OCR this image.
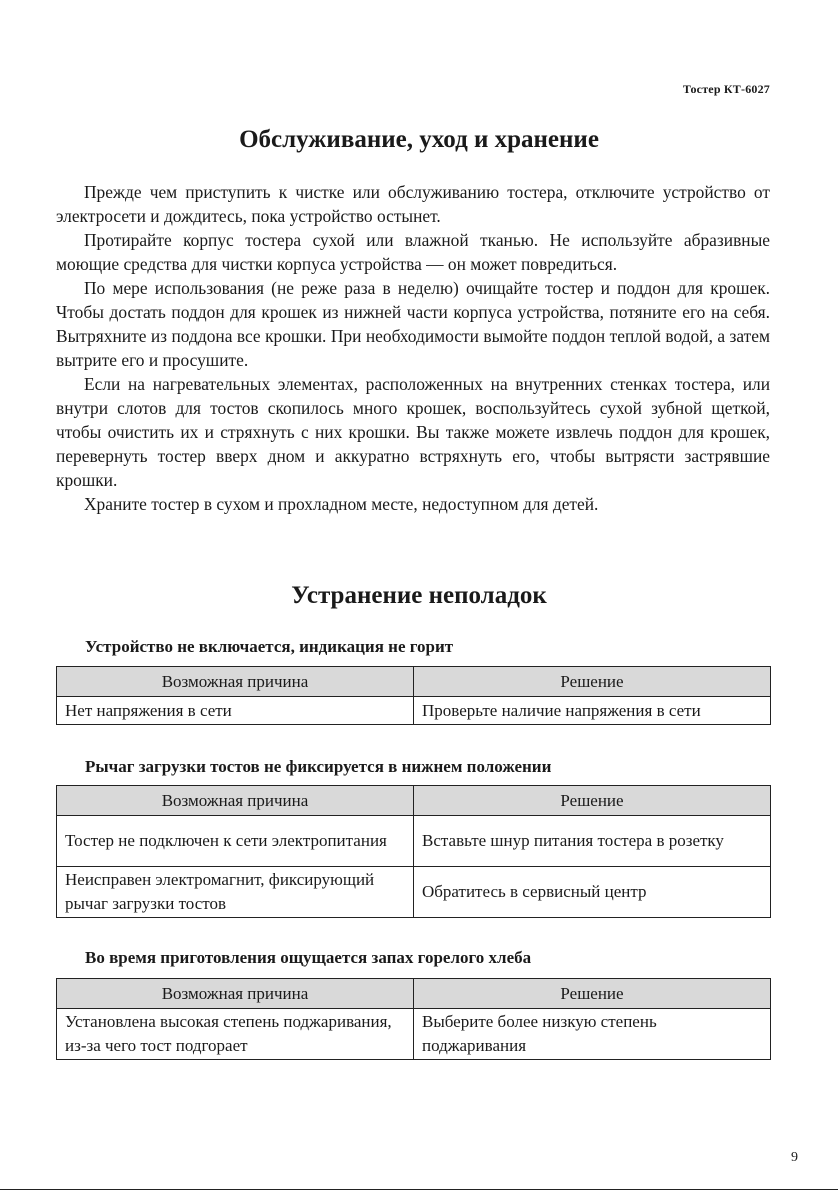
Тостер КТ-6027
Обслуживание, уход и хранение

Прежде чем приступить к чистке или обслуживанию тостера, отключите устройство от электросети и дождитесь, пока устройство остынет.

Протирайте корпус тостера сухой или влажной тканью. Не используйте абразивные моющие средства для чистки корпуса устройства — он может повредиться.

По мере использования (не реже раза в неделю) очищайте тостер и поддон для крошек. Чтобы достать поддон для крошек из нижней части корпуса устройства, потяните его на себя. Вытряхните из поддона все крошки. При необходимости вымойте поддон теплой водой, а затем вытрите его и просушите.

Если на нагревательных элементах, расположенных на внутренних стенках тостера, или внутри слотов для тостов скопилось много крошек, воспользуйтесь сухой зубной щеткой, чтобы очистить их и стряхнуть с них крошки. Вы также можете извлечь поддон для крошек, перевернуть тостер вверх дном и аккуратно встряхнуть его, чтобы вытрясти застрявшие крошки.

Храните тостер в сухом и прохладном месте, недоступном для детей.

Устранение неполадок
Устройство не включается, индикация не горит
Возможная причина	Решение
Нет напряжения в сети	Проверьте наличие напряжения в сети
Рычаг загрузки тостов не фиксируется в нижнем положении
Возможная причина	Решение
Тостер не подключен к сети электропитания	Вставьте шнур питания тостера в розетку
Неисправен электромагнит, фиксирующий рычаг загрузки тостов	Обратитесь в сервисный центр
Во время приготовления ощущается запах горелого хлеба
Возможная причина	Решение
Установлена высокая степень поджаривания, из-за чего тост подгорает	Выберите более низкую степень поджаривания
9
